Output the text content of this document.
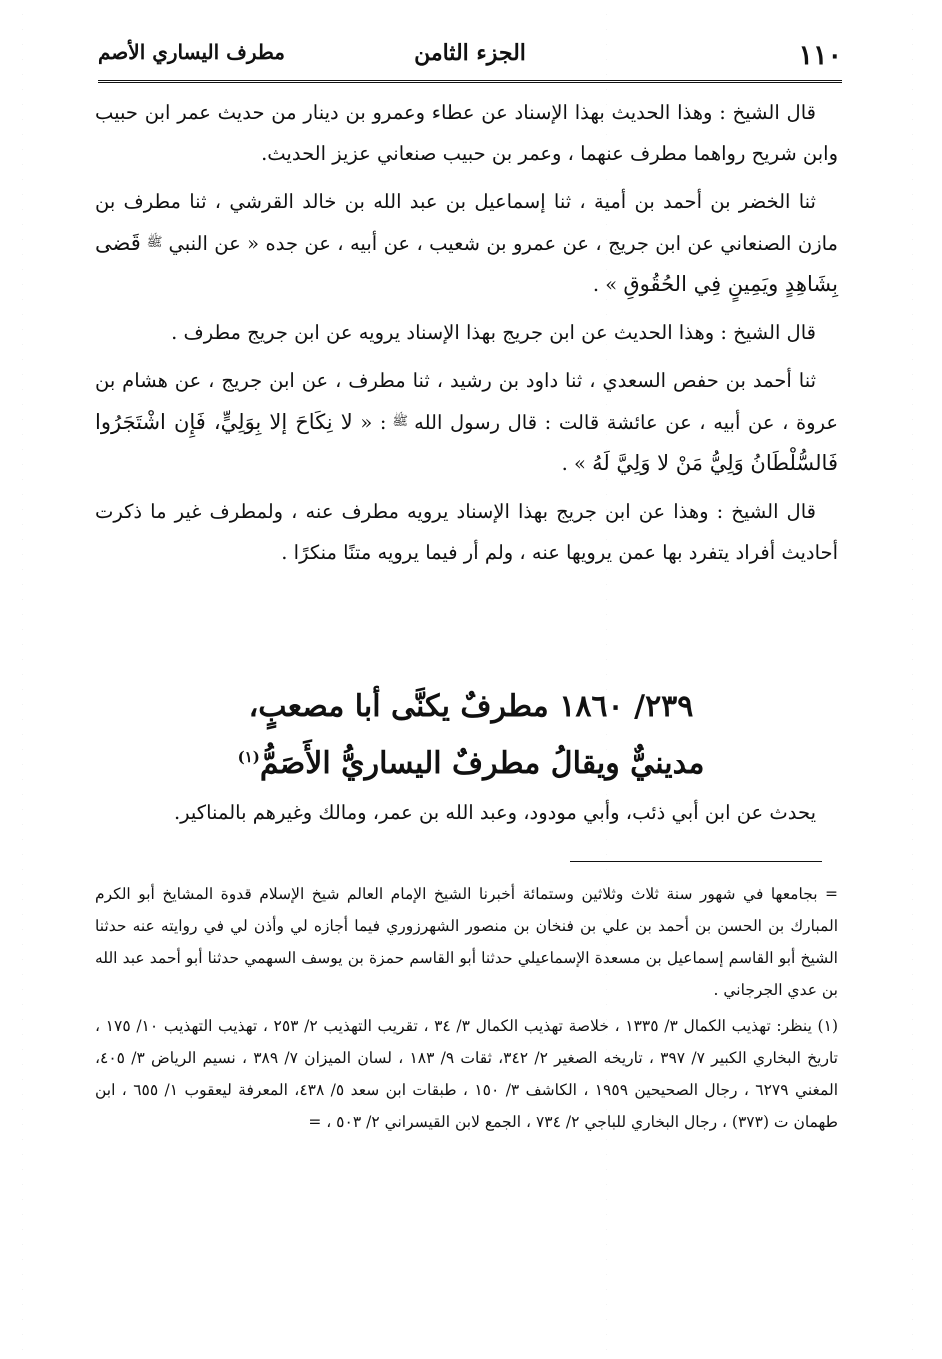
١١٠
الجزء الثامن
مطرف اليساري الأصم

قال الشيخ : وهذا الحديث بهذا الإسناد عن عطاء وعمرو بن دينار من حديث عمر ابن حبيب وابن شريح رواهما مطرف عنهما ، وعمر بن حبيب صنعاني عزيز الحديث.

ثنا الخضر بن أحمد بن أمية ، ثنا إسماعيل بن عبد الله بن خالد القرشي ، ثنا مطرف بن مازن الصنعاني عن ابن جريج ، عن عمرو بن شعيب ، عن أبيه ، عن جده « عن النبي$^ﷺ$قَضى بِشَاهِدٍ ويَمِينٍ فِي الحُقُوقِ » .

قال الشيخ : وهذا الحديث عن ابن جريج بهذا الإسناد يرويه عن ابن جريج مطرف .

ثنا أحمد بن حفص السعدي ، ثنا داود بن رشيد ، ثنا مطرف ، عن ابن جريج ، عن هشام بن عروة ، عن أبيه ، عن عائشة قالت : قال رسول الله$^ﷺ$: « لا نِكَاحَ إلا بِوَلِيٍّ، فَإِن اشْتَجَرُوا فَالسُّلْطَانُ وَلِيُّ مَنْ لا وَلِيَّ لَهُ » .

قال الشيخ : وهذا عن ابن جريج بهذا الإسناد يرويه مطرف عنه ، ولمطرف غير ما ذكرت أحاديث أفراد يتفرد بها عمن يرويها عنه ، ولم أر فيما يرويه متنًا منكرًا .

٢٣٩/ ١٨٦٠ مطرفٌ يكنَّى أبا مصعبٍ،
مدينيٌّ ويقالُ مطرفٌ اليساريُّ الأَصَمُّ$^{(١)}$
يحدث عن ابن أبي ذئب، وأبي مودود، وعبد الله بن عمر، ومالك وغيرهم بالمناكير.

= بجامعها في شهور سنة ثلاث وثلاثين وستمائة أخبرنا الشيخ الإمام العالم شيخ الإسلام قدوة المشايخ أبو الكرم المبارك بن الحسن بن أحمد بن علي بن فنخان بن منصور الشهرزوري فيما أجازه لي وأذن لي في روايته عنه حدثنا الشيخ أبو القاسم إسماعيل بن مسعدة الإسماعيلي حدثنا أبو القاسم حمزة بن يوسف السهمي حدثنا أبو أحمد عبد الله بن عدي الجرجاني .

(١) ينظر: تهذيب الكمال ٣/ ١٣٣٥ ، خلاصة تهذيب الكمال ٣/ ٣٤ ، تقريب التهذيب ٢/ ٢٥٣ ، تهذيب التهذيب ١٠/ ١٧٥ ، تاريخ البخاري الكبير ٧/ ٣٩٧ ، تاريخه الصغير ٢/ ٣٤٢، ثقات ٩/ ١٨٣ ، لسان الميزان ٧/ ٣٨٩ ، نسيم الرياض ٣/ ٤٠٥، المغني ٦٢٧٩ ، رجال الصحيحين ١٩٥٩ ، الكاشف ٣/ ١٥٠ ، طبقات ابن سعد ٥/ ٤٣٨، المعرفة ليعقوب ١/ ٦٥٥ ، ابن طهمان ت (٣٧٣) ، رجال البخاري للباجي ٢/ ٧٣٤ ، الجمع لابن القيسراني ٢/ ٥٠٣ ، =
